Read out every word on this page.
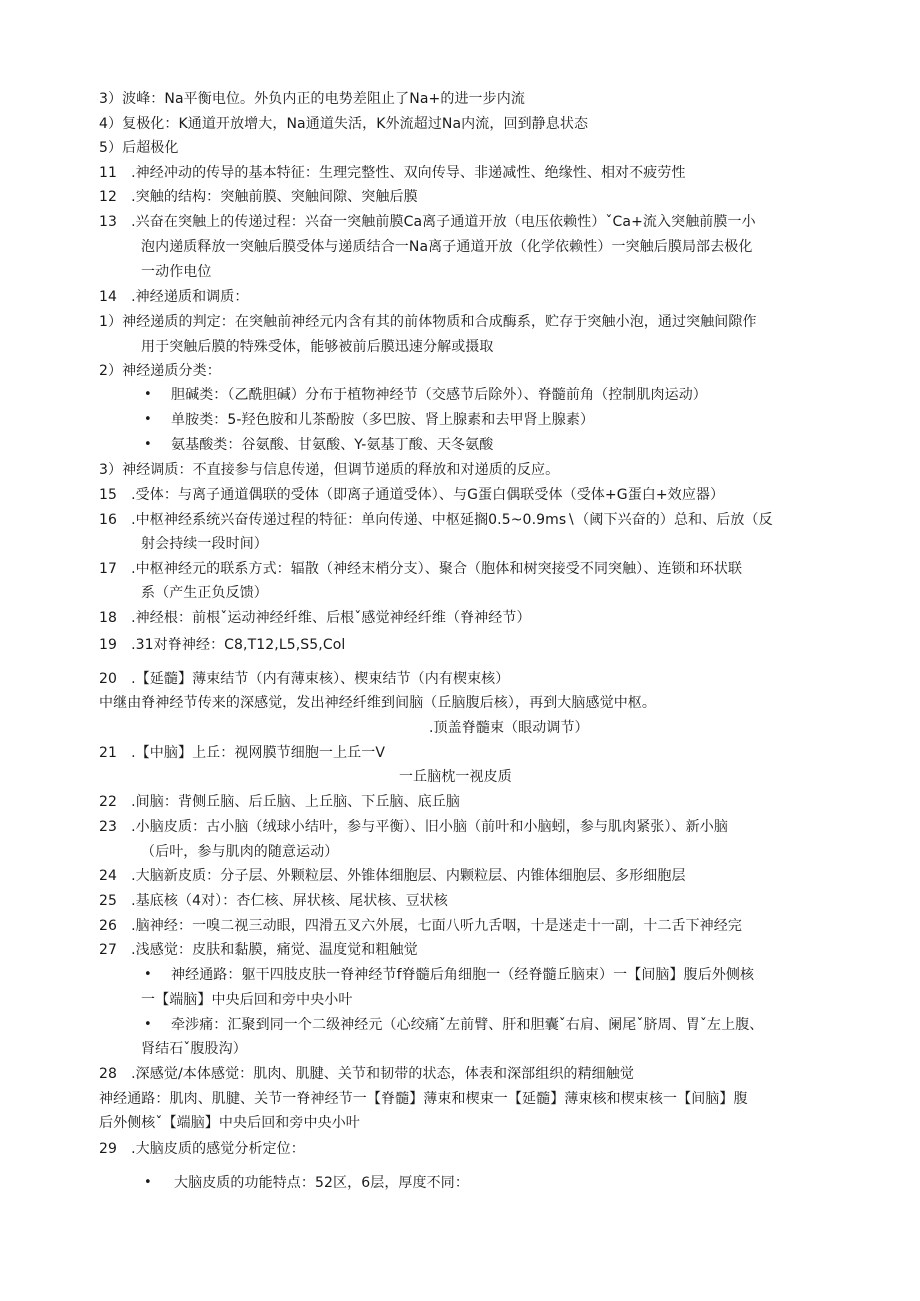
3）波峰：Na平衡电位。外负内正的电势差阻止了Na+的进一步内流
4）复极化：K通道开放增大，Na通道失活，K外流超过Na内流，回到静息状态
5）后超极化
11　.神经冲动的传导的基本特征：生理完整性、双向传导、非递减性、绝缘性、相对不疲劳性
12　.突触的结构：突触前膜、突触间隙、突触后膜
13　.兴奋在突触上的传递过程：兴奋一突触前膜Ca离子通道开放（电压依赖性）ˇCa+流入突触前膜一小
泡内递质释放一突触后膜受体与递质结合一Na离子通道开放（化学依赖性）一突触后膜局部去极化
一动作电位
14　.神经递质和调质：
1）神经递质的判定：在突触前神经元内含有其的前体物质和合成酶系，贮存于突触小泡，通过突触间隙作
用于突触后膜的特殊受体，能够被前后膜迅速分解或摄取
2）神经递质分类：
• 胆碱类：（乙酰胆碱）分布于植物神经节（交感节后除外）、脊髓前角（控制肌肉运动）
• 单胺类：5-羟色胺和儿茶酚胺（多巴胺、肾上腺素和去甲肾上腺素）
• 氨基酸类：谷氨酸、甘氨酸、Y-氨基丁酸、天冬氨酸
3）神经调质：不直接参与信息传递，但调节递质的释放和对递质的反应。
15　.受体：与离子通道偶联的受体（即离子通道受体）、与G蛋白偶联受体（受体+G蛋白+效应器）
16　.中枢神经系统兴奋传递过程的特征：单向传递、中枢延搁0.5~0.9ms∖（阈下兴奋的）总和、后放（反
射会持续一段时间）
17　.中枢神经元的联系方式：辐散（神经末梢分支）、聚合（胞体和树突接受不同突触）、连锁和环状联
系（产生正负反馈）
18　.神经根：前根ˇ运动神经纤维、后根ˇ感觉神经纤维（脊神经节）
19　.31对脊神经：C8,T12,L5,S5,Col
20　.【延髓】薄束结节（内有薄束核）、楔束结节（内有楔束核）
中继由脊神经节传来的深感觉，发出神经纤维到间脑（丘脑腹后核），再到大脑感觉中枢。
.顶盖脊髓束（眼动调节）
21　.【中脑】上丘：视网膜节细胞一上丘一V
一丘脑枕一视皮质
22　.间脑：背侧丘脑、后丘脑、上丘脑、下丘脑、底丘脑
23　.小脑皮质：古小脑（绒球小结叶，参与平衡）、旧小脑（前叶和小脑蚓，参与肌肉紧张）、新小脑
（后叶，参与肌肉的随意运动）
24　.大脑新皮质：分子层、外颗粒层、外锥体细胞层、内颗粒层、内锥体细胞层、多形细胞层
25　.基底核（4对）：杏仁核、屏状核、尾状核、豆状核
26　.脑神经：一嗅二视三动眼，四滑五叉六外展，七面八听九舌咽，十是迷走十一副，十二舌下神经完
27　.浅感觉：皮肤和黏膜，痛觉、温度觉和粗触觉
• 神经通路：躯干四肢皮肤一脊神经节f脊髓后角细胞一（经脊髓丘脑束）一【间脑】腹后外侧核
一【端脑】中央后回和旁中央小叶
• 牵涉痛：汇聚到同一个二级神经元（心绞痛ˇ左前臂、肝和胆囊ˇ右肩、阑尾ˇ脐周、胃ˇ左上腹、
肾结石ˇ腹股沟）
28　.深感觉/本体感觉：肌肉、肌腱、关节和韧带的状态，体表和深部组织的精细触觉
神经通路：肌肉、肌腱、关节一脊神经节一【脊髓】薄束和楔束一【延髓】薄束核和楔束核一【间脑】腹
后外侧核ˇ【端脑】中央后回和旁中央小叶
29　.大脑皮质的感觉分析定位：
• 大脑皮质的功能特点：52区，6层，厚度不同：
